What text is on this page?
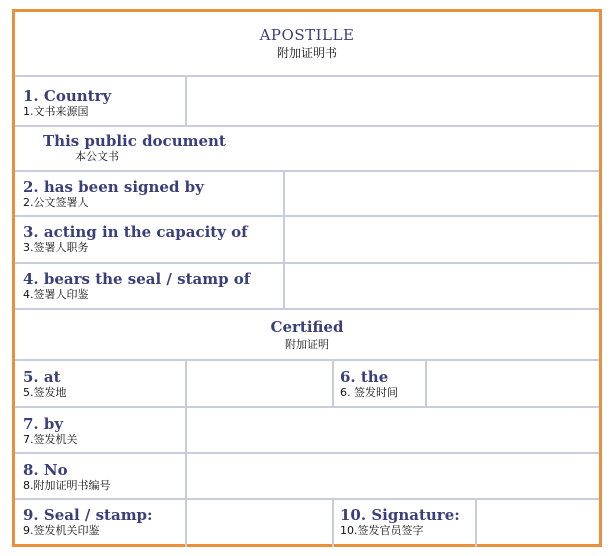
APOSTILLE
附加证明书
1. Country
1.文书来源国
This public document
本公文书
2. has been signed by
2.公文签署人
3. acting in the capacity of
3.签署人职务
4. bears the seal / stamp of
4.签署人印鉴
Certified
附加证明
5. at
5.签发地
6. the
6. 签发时间
7. by
7.签发机关
8. No
8.附加证明书编号
9. Seal / stamp:
9.签发机关印鉴
10. Signature:
10.签发官员签字
